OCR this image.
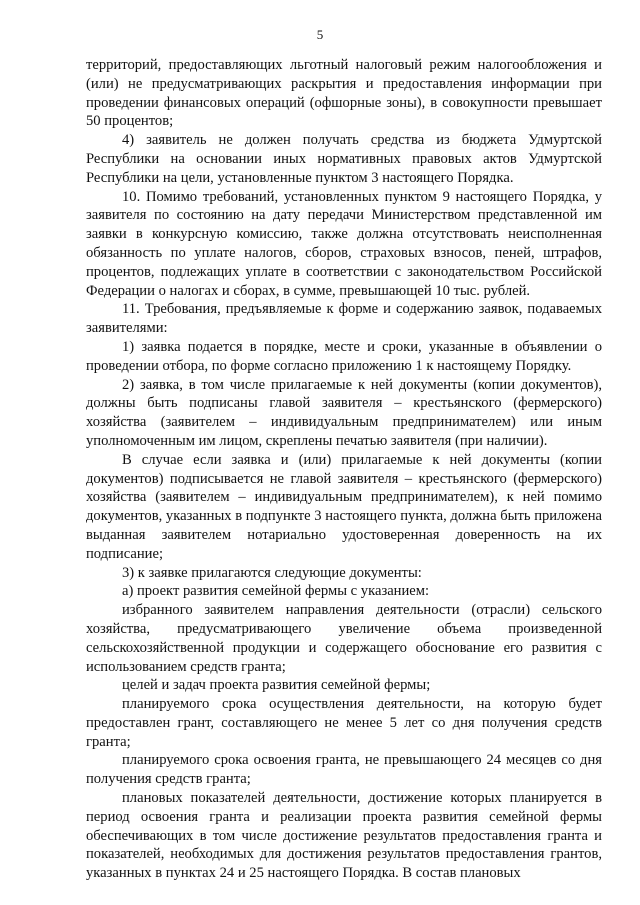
5

территорий, предоставляющих льготный налоговый режим налогообложения и (или) не предусматривающих раскрытия и предоставления информации при проведении финансовых операций (офшорные зоны), в совокупности превышает 50 процентов;

4) заявитель не должен получать средства из бюджета Удмуртской Республики на основании иных нормативных правовых актов Удмуртской Республики на цели, установленные пунктом 3 настоящего Порядка.

10. Помимо требований, установленных пунктом 9 настоящего Порядка, у заявителя по состоянию на дату передачи Министерством представленной им заявки в конкурсную комиссию, также должна отсутствовать неисполненная обязанность по уплате налогов, сборов, страховых взносов, пеней, штрафов, процентов, подлежащих уплате в соответствии с законодательством Российской Федерации о налогах и сборах, в сумме, превышающей 10 тыс. рублей.

11. Требования, предъявляемые к форме и содержанию заявок, подаваемых заявителями:

1) заявка подается в порядке, месте и сроки, указанные в объявлении о проведении отбора, по форме согласно приложению 1 к настоящему Порядку.

2) заявка, в том числе прилагаемые к ней документы (копии документов), должны быть подписаны главой заявителя – крестьянского (фермерского) хозяйства (заявителем – индивидуальным предпринимателем) или иным уполномоченным им лицом, скреплены печатью заявителя (при наличии).

В случае если заявка и (или) прилагаемые к ней документы (копии документов) подписывается не главой заявителя – крестьянского (фермерского) хозяйства (заявителем – индивидуальным предпринимателем), к ней помимо документов, указанных в подпункте 3 настоящего пункта, должна быть приложена выданная заявителем нотариально удостоверенная доверенность на их подписание;

3) к заявке прилагаются следующие документы:

а) проект развития семейной фермы с указанием:

избранного заявителем направления деятельности (отрасли) сельского хозяйства, предусматривающего увеличение объема произведенной сельскохозяйственной продукции и содержащего обоснование его развития с использованием средств гранта;

целей и задач проекта развития семейной фермы;

планируемого срока осуществления деятельности, на которую будет предоставлен грант, составляющего не менее 5 лет со дня получения средств гранта;

планируемого срока освоения гранта, не превышающего 24 месяцев со дня получения средств гранта;

плановых показателей деятельности, достижение которых планируется в период освоения гранта и реализации проекта развития семейной фермы обеспечивающих в том числе достижение результатов предоставления гранта и показателей, необходимых для достижения результатов предоставления грантов, указанных в пунктах 24 и 25 настоящего Порядка. В состав плановых
